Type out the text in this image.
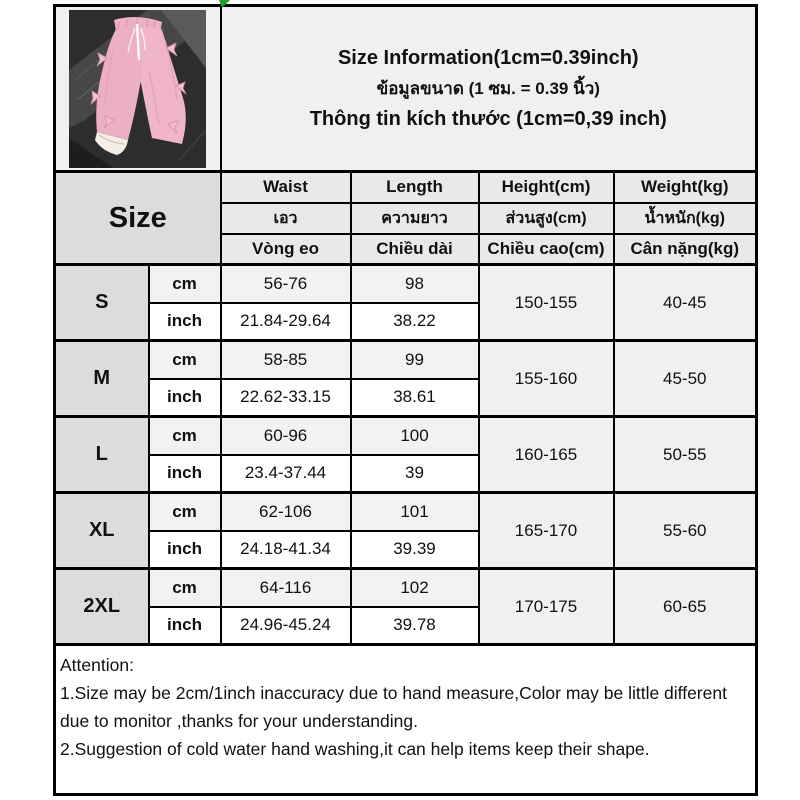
Size Information(1cm=0.39inch)
ข้อมูลขนาด (1 ซม. = 0.39 นิ้ว)
Thông tin kích thước (1cm=0,39 inch)			

Size		Waist	Length	Height(cm)	Weight(kg)
		เอว	ความยาว	ส่วนสูง(cm)	น้ำหนัก(kg)
		Vòng eo	Chiều dài	Chiều cao(cm)	Cân nặng(kg)
S	cm	56-76	98	150-155	40-45
	inch	21.84-29.64	38.22		
M	cm	58-85	99	155-160	45-50
	inch	22.62-33.15	38.61		
L	cm	60-96	100	160-165	50-55
	inch	23.4-37.44	39		
XL	cm	62-106	101	165-170	55-60
	inch	24.18-41.34	39.39		
2XL	cm	64-116	102	170-175	60-65
	inch	24.96-45.24	39.78		

Attention:
1.Size may be 2cm/1inch inaccuracy due to hand measure,Color may be little different due to monitor ,thanks for your understanding.
2.Suggestion of cold water hand washing,it can help items keep their shape.					
